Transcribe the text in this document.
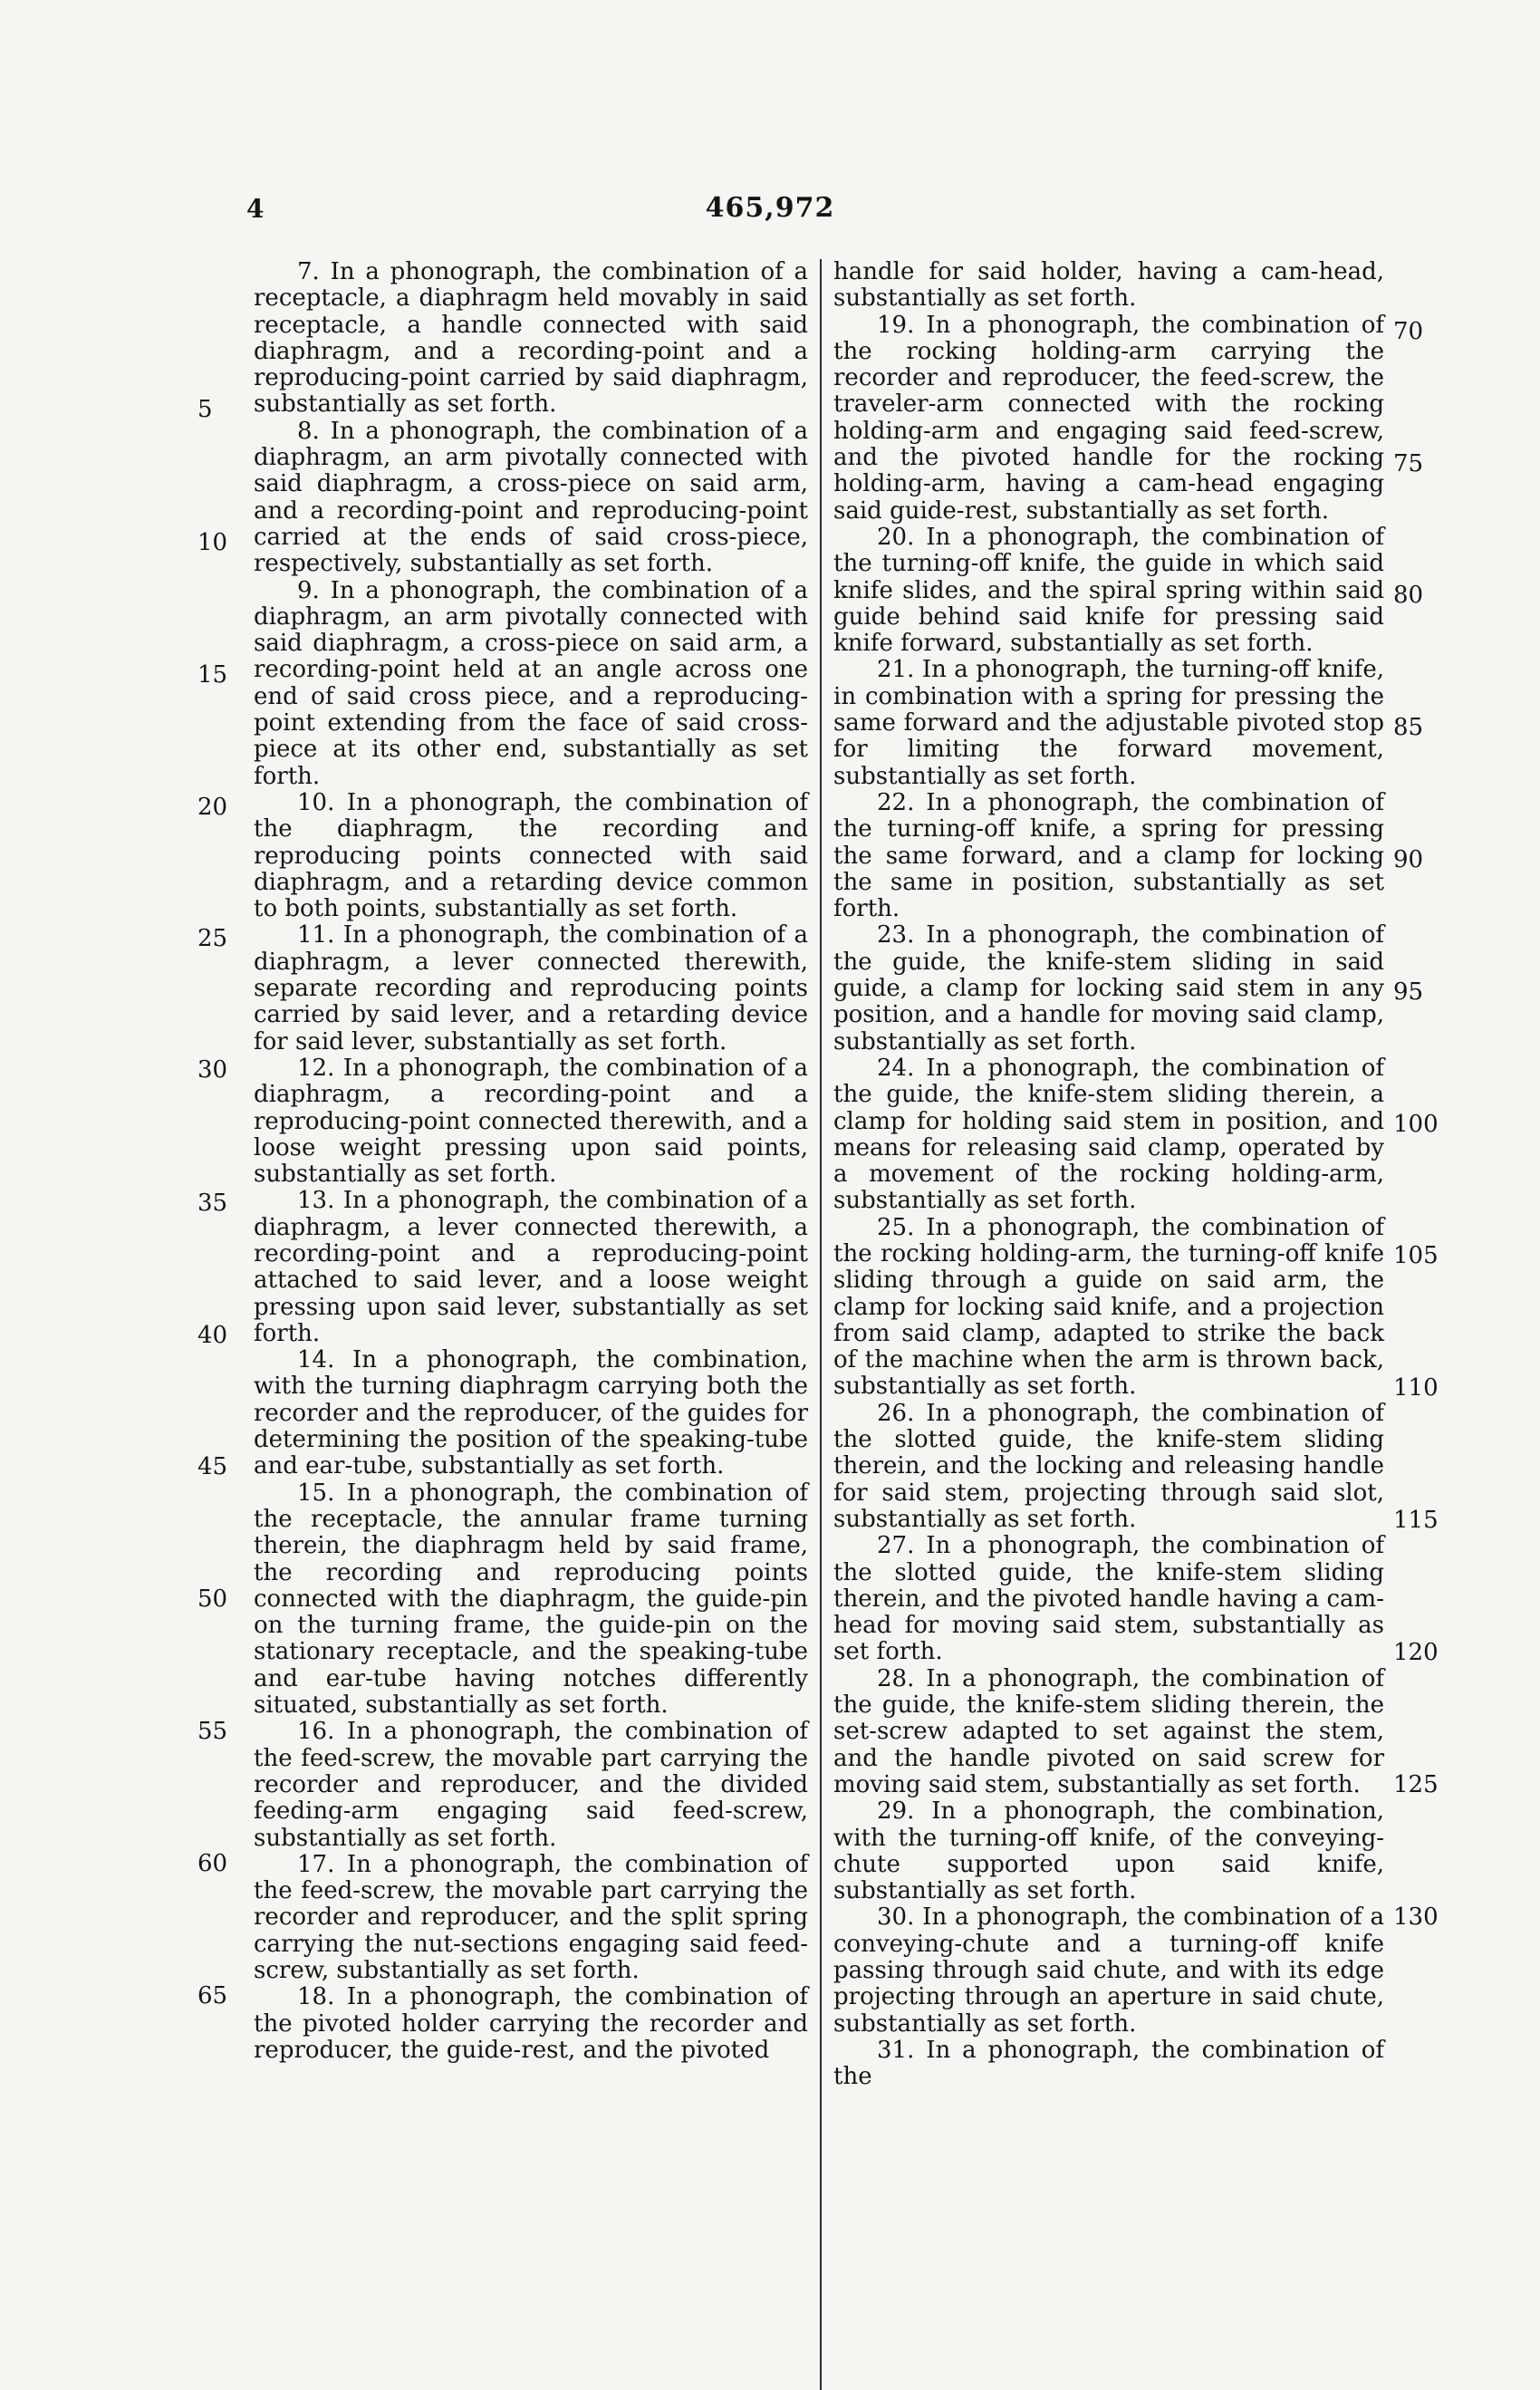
4	465,972

7. In a phonograph, the combination of a receptacle, a diaphragm held movably in said receptacle, a handle connected with said diaphragm, and a recording-point and a reproducing-point carried by said diaphragm, substantially as set forth.

8. In a phonograph, the combination of a diaphragm, an arm pivotally connected with said diaphragm, a cross-piece on said arm, and a recording-point and reproducing-point carried at the ends of said cross-piece, respectively, substantially as set forth.

9. In a phonograph, the combination of a diaphragm, an arm pivotally connected with said diaphragm, a cross-piece on said arm, a recording-point held at an angle across one end of said cross piece, and a reproducing-point extending from the face of said cross-piece at its other end, substantially as set forth.

10. In a phonograph, the combination of the diaphragm, the recording and reproducing points connected with said diaphragm, and a retarding device common to both points, substantially as set forth.

11. In a phonograph, the combination of a diaphragm, a lever connected therewith, separate recording and reproducing points carried by said lever, and a retarding device for said lever, substantially as set forth.

12. In a phonograph, the combination of a diaphragm, a recording-point and a reproducing-point connected therewith, and a loose weight pressing upon said points, substantially as set forth.

13. In a phonograph, the combination of a diaphragm, a lever connected therewith, a recording-point and a reproducing-point attached to said lever, and a loose weight pressing upon said lever, substantially as set forth.

14. In a phonograph, the combination, with the turning diaphragm carrying both the recorder and the reproducer, of the guides for determining the position of the speaking-tube and ear-tube, substantially as set forth.

15. In a phonograph, the combination of the receptacle, the annular frame turning therein, the diaphragm held by said frame, the recording and reproducing points connected with the diaphragm, the guide-pin on the turning frame, the guide-pin on the stationary receptacle, and the speaking-tube and ear-tube having notches differently situated, substantially as set forth.

16. In a phonograph, the combination of the feed-screw, the movable part carrying the recorder and reproducer, and the divided feeding-arm engaging said feed-screw, substantially as set forth.

17. In a phonograph, the combination of the feed-screw, the movable part carrying the recorder and reproducer, and the split spring carrying the nut-sections engaging said feed-screw, substantially as set forth.

18. In a phonograph, the combination of the pivoted holder carrying the recorder and reproducer, the guide-rest, and the pivoted

handle for said holder, having a cam-head, substantially as set forth.

19. In a phonograph, the combination of the rocking holding-arm carrying the recorder and reproducer, the feed-screw, the traveler-arm connected with the rocking holding-arm and engaging said feed-screw, and the pivoted handle for the rocking holding-arm, having a cam-head engaging said guide-rest, substantially as set forth.

20. In a phonograph, the combination of the turning-off knife, the guide in which said knife slides, and the spiral spring within said guide behind said knife for pressing said knife forward, substantially as set forth.

21. In a phonograph, the turning-off knife, in combination with a spring for pressing the same forward and the adjustable pivoted stop for limiting the forward movement, substantially as set forth.

22. In a phonograph, the combination of the turning-off knife, a spring for pressing the same forward, and a clamp for locking the same in position, substantially as set forth.

23. In a phonograph, the combination of the guide, the knife-stem sliding in said guide, a clamp for locking said stem in any position, and a handle for moving said clamp, substantially as set forth.

24. In a phonograph, the combination of the guide, the knife-stem sliding therein, a clamp for holding said stem in position, and means for releasing said clamp, operated by a movement of the rocking holding-arm, substantially as set forth.

25. In a phonograph, the combination of the rocking holding-arm, the turning-off knife sliding through a guide on said arm, the clamp for locking said knife, and a projection from said clamp, adapted to strike the back of the machine when the arm is thrown back, substantially as set forth.

26. In a phonograph, the combination of the slotted guide, the knife-stem sliding therein, and the locking and releasing handle for said stem, projecting through said slot, substantially as set forth.

27. In a phonograph, the combination of the slotted guide, the knife-stem sliding therein, and the pivoted handle having a cam-head for moving said stem, substantially as set forth.

28. In a phonograph, the combination of the guide, the knife-stem sliding therein, the set-screw adapted to set against the stem, and the handle pivoted on said screw for moving said stem, substantially as set forth.

29. In a phonograph, the combination, with the turning-off knife, of the conveying-chute supported upon said knife, substantially as set forth.

30. In a phonograph, the combination of a conveying-chute and a turning-off knife passing through said chute, and with its edge projecting through an aperture in said chute, substantially as set forth.

31. In a phonograph, the combination of the

5
10
15
20
25
30
35
40
45
50
55
60
65
70
75
80
85
90
95
100
105
110
115
120
125
130
